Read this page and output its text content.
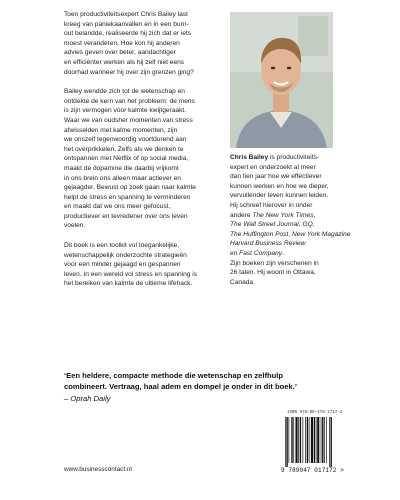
Toen productiviteitsexpert Chris Bailey last
kreeg van paniekaanvallen en in een burn-
out belandde, realiseerde hij zich dat er iets
moest veranderen. Hoe kon hij anderen
advies geven over beter, aandachtiger
en efficiënter werken als hij zelf niet eens
doorhad wanneer hij over zijn grenzen ging?

Bailey wendde zich tot de wetenschap en
ontdekte de kern van het probleem: de mens
is zijn vermogen voor kalmte kwijtgeraakt.
Waar we van oudsher momenten van stress
afwisselden met kalme momenten, zijn
we onszelf tegenwoordig voortdurend aan
het overprikkelen. Zelfs als we denken te
ontspannen met Netflix of op social media,
maakt de dopamine die daarbij vrijkomt
in ons brein ons alleen maar actiever en
gejaagder. Bewust op zoek gaan naar kalmte
helpt de stress en spanning te verminderen
en maakt dat we ons meer gefocust,
productiever en tevredener over ons leven
voelen.

Dit boek is een toolkit vol toegankelijke,
wetenschappelijk onderzochte strategieën
voor een minder gejaagd en gespannen
leven. In een wereld vol stress en spanning is
het bereiken van kalmte de ultieme lifehack.

Chris Bailey is productiviteits-
expert en onderzoekt al meer
dan tien jaar hoe we effectiever
kunnen werken en hoe we dieper,
vervullender leven kunnen leiden.
Hij schreef hierover in onder
andere The New York Times,
The Wall Street Journal, GQ,
The Huffington Post, New York Magazine
Harvard Business Review
en Fast Company.
Zijn boeken zijn verschenen in
26 talen. Hij woont in Ottawa,
Canada.
‘Een heldere, compacte methode die wetenschap en zelfhulp
combineert. Vertraag, haal adem en dompel je onder in dit boek.’
– Oprah Daily
ISBN 978-90-470-1717-2
9 789047 017172 >
www.businesscontact.nl
